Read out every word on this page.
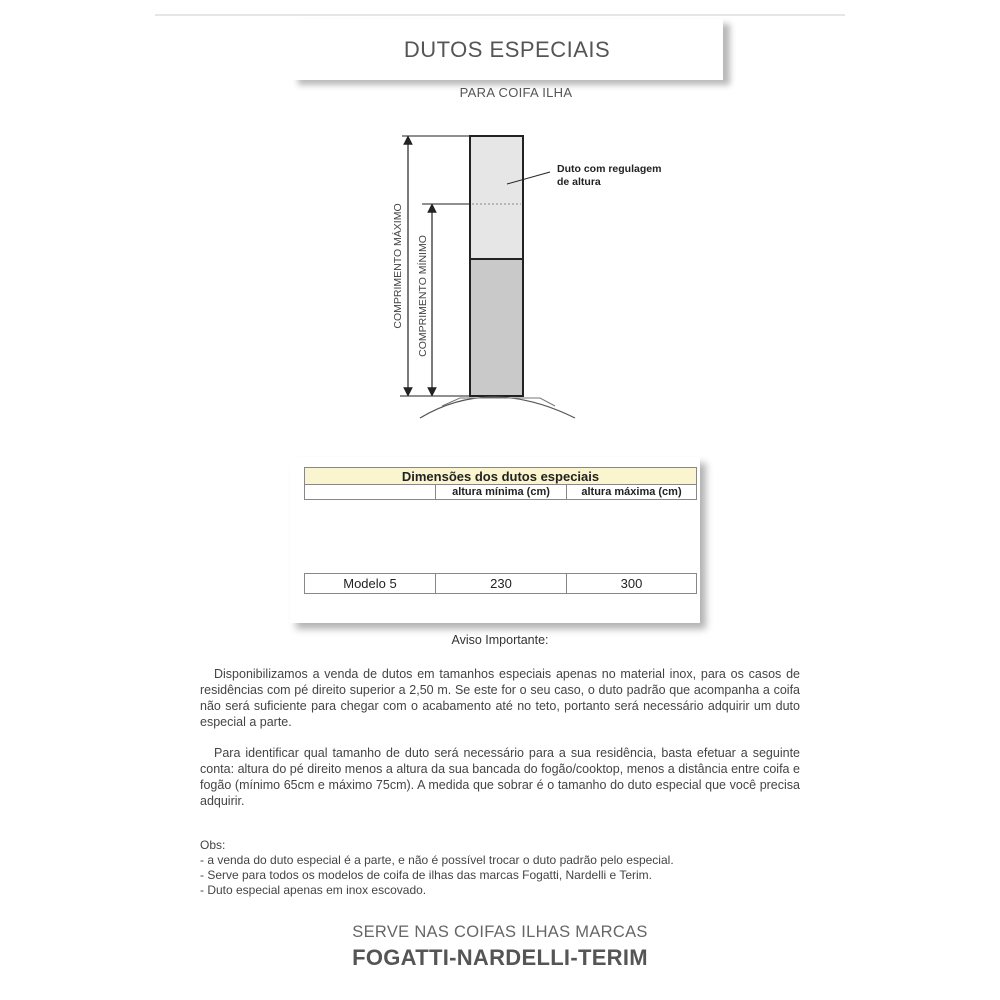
DUTOS ESPECIAIS
PARA COIFA ILHA
COMPRIMENTO MÁXIMO COMPRIMENTO MÍNIMO
Duto com regulagem
de altura
Dimensões dos dutos especiais		
	altura mínima (cm)	altura máxima (cm)

Modelo 5	230	300
Aviso Importante:

Disponibilizamos a venda de dutos em tamanhos especiais apenas no material inox, para os casos de residências com pé direito superior a 2,50 m. Se este for o seu caso, o duto padrão que acompanha a coifa não será suficiente para chegar com o acabamento até no teto, portanto será necessário adquirir um duto especial a parte.

Para identificar qual tamanho de duto será necessário para a sua residência, basta efetuar a seguinte conta: altura do pé direito menos a altura da sua bancada do fogão/cooktop, menos a distância entre coifa e fogão (mínimo 65cm e máximo 75cm). A medida que sobrar é o tamanho do duto especial que você precisa adquirir.

Obs:
- a venda do duto especial é a parte, e não é possível trocar o duto padrão pelo especial.
- Serve para todos os modelos de coifa de ilhas das marcas Fogatti, Nardelli e Terim.
- Duto especial apenas em inox escovado.
SERVE NAS COIFAS ILHAS MARCAS
FOGATTI-NARDELLI-TERIM
